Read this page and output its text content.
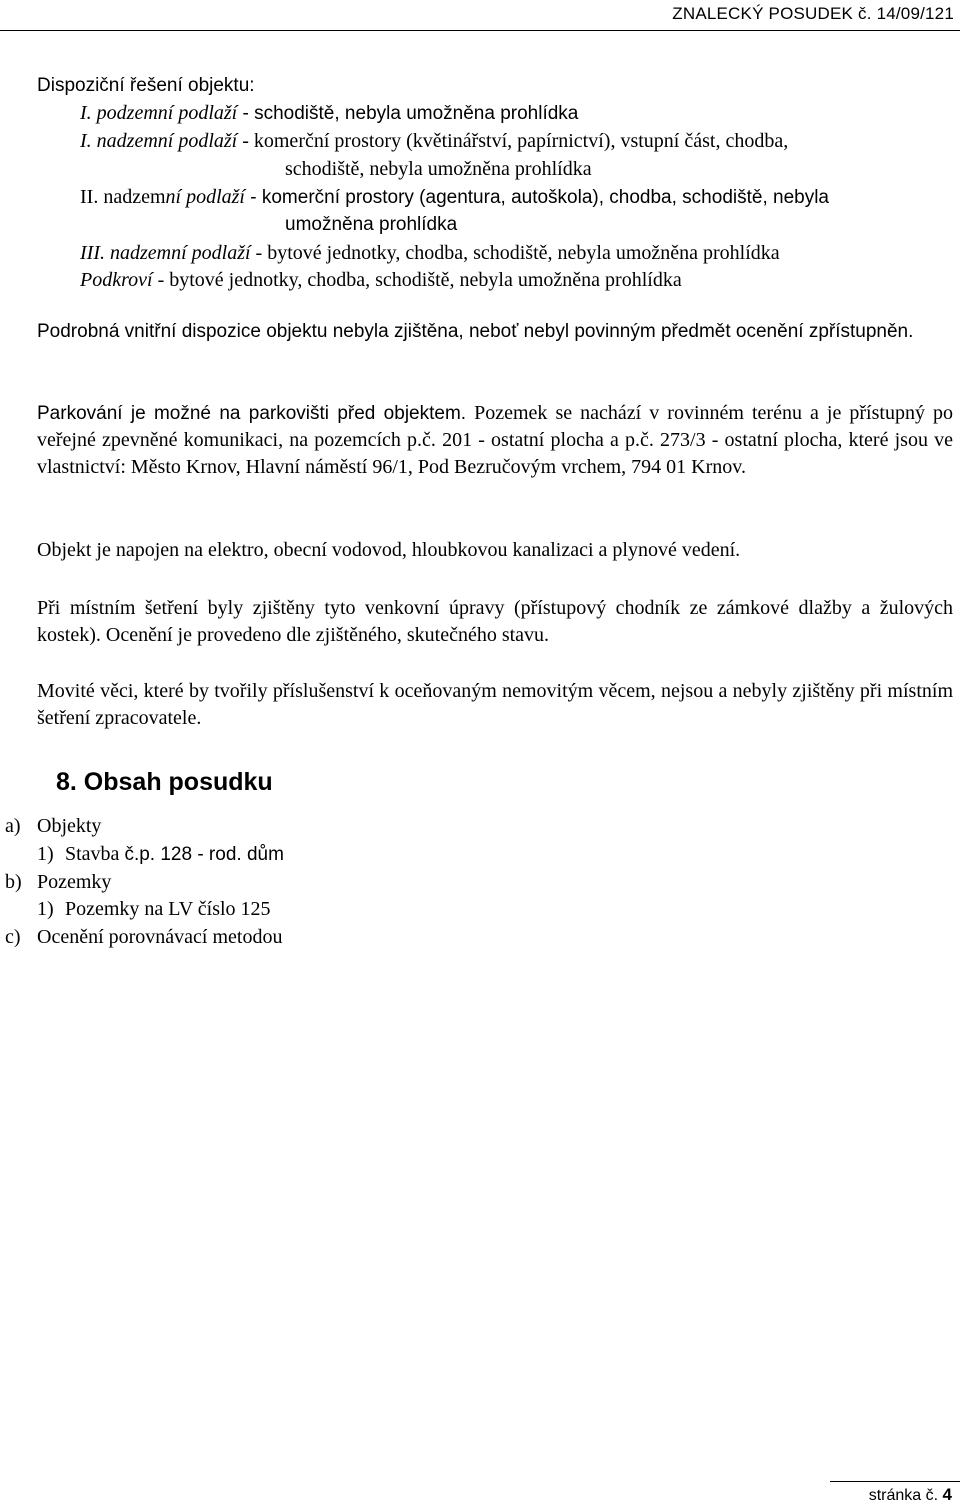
ZNALECKÝ POSUDEK č. 14/09/121
Dispoziční řešení objektu:
I. podzemní podlaží - schodiště, nebyla umožněna prohlídka
I. nadzemní podlaží - komerční prostory (květinářství, papírnictví), vstupní část, chodba,
schodiště, nebyla umožněna prohlídka
II. nadzemní podlaží - komerční prostory (agentura, autoškola), chodba, schodiště, nebyla
umožněna prohlídka
III. nadzemní podlaží - bytové jednotky, chodba, schodiště, nebyla umožněna prohlídka
Podkroví - bytové jednotky, chodba, schodiště, nebyla umožněna prohlídka
Podrobná vnitřní dispozice objektu nebyla zjištěna, neboť nebyl povinným předmět ocenění zpřístupněn.
Parkování je možné na parkovišti před objektem. Pozemek se nachází v rovinném terénu a je přístupný po veřejné zpevněné komunikaci, na pozemcích p.č. 201 - ostatní plocha a p.č. 273/3 - ostatní plocha, které jsou ve vlastnictví: Město Krnov, Hlavní náměstí 96/1, Pod Bezručovým vrchem, 794 01 Krnov.
Objekt je napojen na elektro, obecní vodovod, hloubkovou kanalizaci a plynové vedení.
Při místním šetření byly zjištěny tyto venkovní úpravy (přístupový chodník ze zámkové dlažby a žulových kostek). Ocenění je provedeno dle zjištěného, skutečného stavu.
Movité věci, které by tvořily příslušenství k oceňovaným nemovitým věcem, nejsou a nebyly zjištěny při místním šetření zpracovatele.
8. Obsah posudku
a) Objekty
1) Stavba č.p. 128 - rod. dům
b) Pozemky
1) Pozemky na LV číslo 125
c) Ocenění porovnávací metodou
stránka č. 4
